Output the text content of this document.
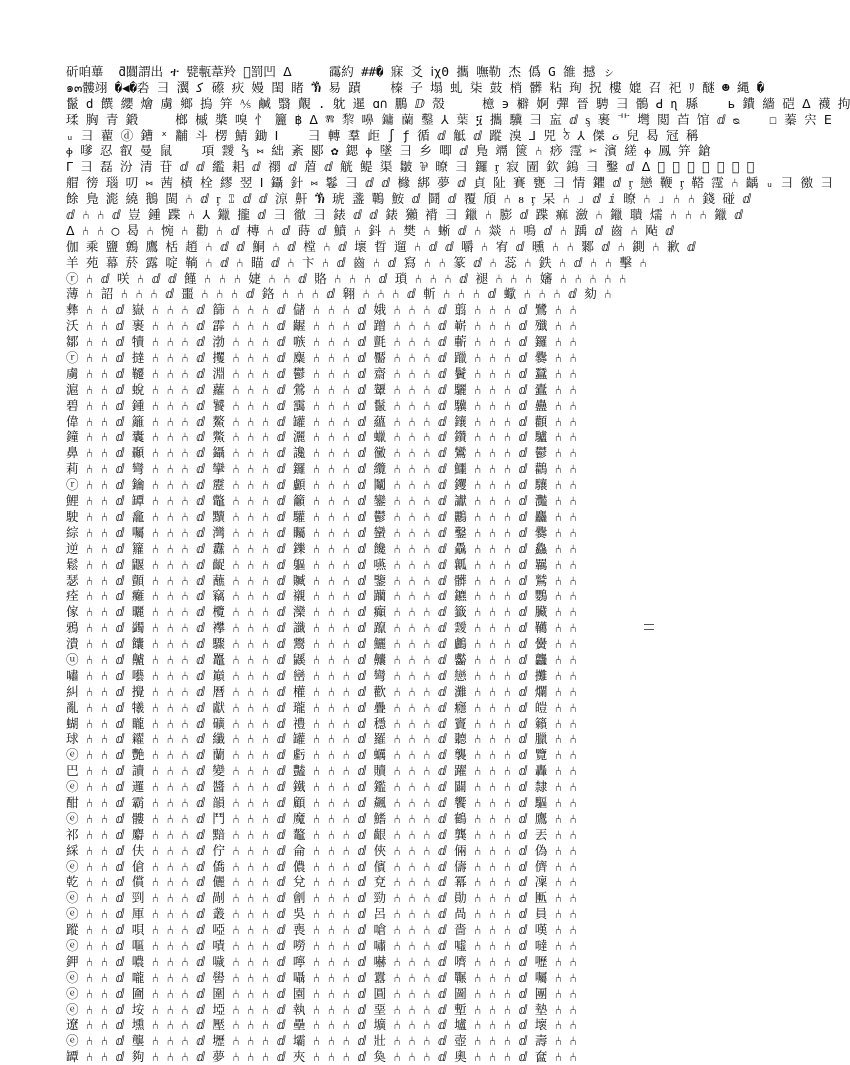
斫咱蓽  ƌ闒謂出 ተ 甓甎葦羚 𣪿罰凹 ᐃ     霷約 ##� 寐 爻 ⅰχΘ 攜 嘸勒 杰 僞 G 雒 撼 ㇱ
๑๓髏翊 �◀�沯 ⺕ 瀷 ﮐ 礤 疢 嫚 閨 睹 ⷕ 易 蹟    榛 子 塌 虬 柒 鼓 梢 髒 粘 珣 拀 樓 媲 召 祀 ﾘ 醚 ☻ 縄 �
鬣 d 饌 纓 燴 虜 鄉 摀 笄 ⅍ 鹹 翳 覿 . 躭 暹 ɑ∩ 鵬 ⅅ 殼     檍 ϶ 檘 婀 彈 晉 騁 ⺕ 鶻 ꓒ ɳ 縣    ь 鐨 繬 硙 ᐃ 襪 拘
瑈 胸 青 鍛     榔 槭 槳 嗅 忄 籭 ฿ ᐃ ⰿ 𥟖 嚊 鏞 蘭 鑿 ⅄ 葉 ፶ 攜 驥 ⺕ 衁 ⅆ ᶊ 裹 ⻀ 壪 閲 苩 馆 ⅆ ᴓ    ☐ 蓁 宍 ꓰ
ᵤ ⺕ 藋 ⓓ 鏪 ˣ 黼 斗 楞 鯖 鋤 ⵏ    ⺕ 轉 羣 歫 ∫ ƒ 循 ⅆ 觝 ⅆ 蹤 溴 ⅃ 兕 ঠ ⅄ 傑 ᏽ 兒 曷 冠 稱
ⲫ 嗲 忍 叡 曼 鼠    項 靉 ⅔ ⑅ 絀 紊 郾 ✿ 鍶 ⲫ 墜 ⺕ 乡 唧 ⅆ 鳬 竵 篋 ⑃ 痧 霪 ✂ 濱 縒 ⲫ 鳳 笄 鎗
ᒥ ⺕ 磊 汾 清 苷 ⅆ ⅆ 繿 耜 ⅆ 禤 ⅆ 葿 ⅆ 觥 鳀 渠 皺 ⅌ 暸 ⺕ 鑼 ᶉ 寂 圊 欽 鎢 ⺕ 鑿 ⅆ ᐃ 𢀳 齒 ⑃ ⑃ 傃 擨 ⅆ
艒 徬 瑙 叨 ⑅ 茜 樍 栓 繆 翌 ⵏ 鑷 針 ⑅ 鬈 ⺕ ⅆ ⅆ 櫞 綁 夢 ⅆ 貞 阯 賽 甕 ⺕ 情 鑺 ⅆ ᶉ 戀 鞭 ᶉ 鞳 霪 ⑃ 齲 ᵤ ⺕ 徼 ⺕
餘 鳬 滮 繞 鵝 閩 ⑃ ⅆ ᶉ ⑄ ⅆ ⅆ 涼 鼾 ⷕ 琥 盞 鷤 鮟 ⅆ 鬪 ⅆ 覆 頎 ⑃ ᴕ ᶉ 呆 ⑃ ⅃ ⅆ ⅈ 暸 ⑃ ⅃ ⑃ ⑃ 錢 碰 ⅆ
ⅆ ⑃ ⑃ ⅆ 豈 鍾 蹀 ⑃ ⅄ 鑞 攏 ⅆ ⺕ 徹 ⺕ 錶 ⅆ ⅆ 錶 獺 褙 ⺕ 鑞 ⑃ 膨 ⅆ 蹀 痲 瀲 ⑃ 鑞 聵 燸 ⑃ ⑃ ⑃ 鑞 ⅆ
ᐃ ⑃ ⑃ ◯ 曷 ⑃ 惋 ⑃ 勸 ⑃ ⅆ 槫 ⑃ ⅆ 蒔 ⅆ 鱝 ⑃ 鈄 ⑃ 樊 ⑃ 蜥 ⅆ ⑃ 燚 ⑃ 鳴 ⅆ ⑃ 踽 ⅆ 齒 ⑃ 飐 ⅆ
伽 乘 鹽 鷯 鷹 栝 趙 ⑃ ⅆ ⅆ 鮦 ⑃ ⅆ 樘 ⑃ ⅆ 壞 晢 遛 ⑃ ⅆ ⅆ 嚼 ⑃ 宥 ⅆ 曛 ⑃ ⑃ 鄹 ⅆ ⑃ 鍘 ⑃ 歉 ⅆ
羊 苑 幕 菸 露 啶 鞝 ⑃ ⅆ ⑃ 瞄 ⅆ ⑃ 卞 ⑃ ⅆ 齒 ⑃ ⅆ 寫 ⑃ ⑃ 篆 ⅆ ⑃ 蕊 ⑃ 鉄 ⑃ ⅆ ⑃ ⑃ 擊 ⑃
ⓡ ⑃ ⅆ 咲 ⑃ ⅆ ⅆ 饉 ⑃ ⑃ ⑃ 婕 ⑃ ⑃ ⅆ 賂 ⑃ ⑃ ⑃ ⅆ 瑣 ⑃ ⑃ ⑃ ⅆ 褪 ⑃ ⑃ ⑃ 嬸 ⑃ ⑃ ⑃ ⑃ ⑃
薄 ⑃ 詔 ⑃ ⑃ ⑃ ⅆ 噩 ⑃ ⑃ ⑃ ⅆ 鉻 ⑃ ⑃ ⑃ ⅆ 翱 ⑃ ⑃ ⑃ ⅆ 斬 ⑃ ⑃ ⑃ ⅆ 蠍 ⑃ ⑃ ⑃ ⅆ 劾 ⑃
彝 ⑃ ⑃ ⅆ 嶽 ⑃ ⑃ ⑃ ⅆ 篩 ⑃ ⑃ ⑃ ⅆ 儲 ⑃ ⑃ ⑃ ⅆ 娥 ⑃ ⑃ ⑃ ⅆ 翦 ⑃ ⑃ ⑃ ⅆ 鷺 ⑃ ⑃
沃 ⑃ ⑃ ⅆ 裹 ⑃ ⑃ ⑃ ⅆ 霹 ⑃ ⑃ ⑃ ⅆ 齷 ⑃ ⑃ ⑃ ⅆ 蹭 ⑃ ⑃ ⑃ ⅆ 嶄 ⑃ ⑃ ⑃ ⅆ 殲 ⑃ ⑃
鄒 ⑃ ⑃ ⅆ 犢 ⑃ ⑃ ⑃ ⅆ 渤 ⑃ ⑃ ⑃ ⅆ 嗾 ⑃ ⑃ ⑃ ⅆ 氈 ⑃ ⑃ ⑃ ⅆ 蘄 ⑃ ⑃ ⑃ ⅆ 鑼 ⑃ ⑃
ⓡ ⑃ ⑃ ⅆ 撻 ⑃ ⑃ ⑃ ⅆ 攫 ⑃ ⑃ ⑃ ⅆ 麋 ⑃ ⑃ ⑃ ⅆ 靨 ⑃ ⑃ ⑃ ⅆ 躐 ⑃ ⑃ ⑃ ⅆ 爨 ⑃ ⑃
虜 ⑃ ⑃ ⅆ 韆 ⑃ ⑃ ⑃ ⅆ 淵 ⑃ ⑃ ⑃ ⅆ 鬱 ⑃ ⑃ ⑃ ⅆ 齋 ⑃ ⑃ ⑃ ⅆ 鬢 ⑃ ⑃ ⑃ ⅆ 蠶 ⑃ ⑃
滬 ⑃ ⑃ ⅆ 蛻 ⑃ ⑃ ⑃ ⅆ 蘿 ⑃ ⑃ ⑃ ⅆ 鶯 ⑃ ⑃ ⑃ ⅆ 顰 ⑃ ⑃ ⑃ ⅆ 驪 ⑃ ⑃ ⑃ ⅆ 蠹 ⑃ ⑃
碧 ⑃ ⑃ ⅆ 鍾 ⑃ ⑃ ⑃ ⅆ 饕 ⑃ ⑃ ⑃ ⅆ 靄 ⑃ ⑃ ⑃ ⅆ 鬣 ⑃ ⑃ ⑃ ⅆ 驥 ⑃ ⑃ ⑃ ⅆ 蠱 ⑃ ⑃
偉 ⑃ ⑃ ⅆ 籬 ⑃ ⑃ ⑃ ⅆ 鰲 ⑃ ⑃ ⑃ ⅆ 罐 ⑃ ⑃ ⑃ ⅆ 蘊 ⑃ ⑃ ⑃ ⅆ 鑲 ⑃ ⑃ ⑃ ⅆ 顴 ⑃ ⑃
鐘 ⑃ ⑃ ⅆ 囊 ⑃ ⑃ ⑃ ⅆ 鱉 ⑃ ⑃ ⑃ ⅆ 灑 ⑃ ⑃ ⑃ ⅆ 蠟 ⑃ ⑃ ⑃ ⅆ 鑽 ⑃ ⑃ ⑃ ⅆ 驢 ⑃ ⑃
鼻 ⑃ ⑃ ⅆ 顳 ⑃ ⑃ ⑃ ⅆ 鑷 ⑃ ⑃ ⑃ ⅆ 讒 ⑃ ⑃ ⑃ ⅆ 黴 ⑃ ⑃ ⑃ ⅆ 鸞 ⑃ ⑃ ⑃ ⅆ 鬱 ⑃ ⑃
莉 ⑃ ⑃ ⅆ 彎 ⑃ ⑃ ⑃ ⅆ 攣 ⑃ ⑃ ⑃ ⅆ 鑼 ⑃ ⑃ ⑃ ⅆ 纜 ⑃ ⑃ ⑃ ⅆ 鱷 ⑃ ⑃ ⑃ ⅆ 鸛 ⑃ ⑃
ⓡ ⑃ ⑃ ⅆ 鑰 ⑃ ⑃ ⑃ ⅆ 靂 ⑃ ⑃ ⑃ ⅆ 顱 ⑃ ⑃ ⑃ ⅆ 鬮 ⑃ ⑃ ⑃ ⅆ 钁 ⑃ ⑃ ⑃ ⅆ 驤 ⑃ ⑃
鯉 ⑃ ⑃ ⅆ 罈 ⑃ ⑃ ⑃ ⅆ 鼈 ⑃ ⑃ ⑃ ⅆ 籲 ⑃ ⑃ ⑃ ⅆ 鑾 ⑃ ⑃ ⑃ ⅆ 讞 ⑃ ⑃ ⑃ ⅆ 灩 ⑃ ⑃
駛 ⑃ ⑃ ⅆ 龕 ⑃ ⑃ ⑃ ⅆ 黷 ⑃ ⑃ ⑃ ⅆ 驩 ⑃ ⑃ ⑃ ⅆ 鬱 ⑃ ⑃ ⑃ ⅆ 鸝 ⑃ ⑃ ⑃ ⅆ 麤 ⑃ ⑃
綜 ⑃ ⑃ ⅆ 囑 ⑃ ⑃ ⑃ ⅆ 灣 ⑃ ⑃ ⑃ ⅆ 矚 ⑃ ⑃ ⑃ ⅆ 蠻 ⑃ ⑃ ⑃ ⅆ 鑿 ⑃ ⑃ ⑃ ⅆ 爨 ⑃ ⑃
逆 ⑃ ⑃ ⅆ 籮 ⑃ ⑃ ⑃ ⅆ 纛 ⑃ ⑃ ⑃ ⅆ 鑠 ⑃ ⑃ ⑃ ⅆ 饞 ⑃ ⑃ ⑃ ⅆ 驫 ⑃ ⑃ ⑃ ⅆ 鱻 ⑃ ⑃
鬆 ⑃ ⑃ ⅆ 鼴 ⑃ ⑃ ⑃ ⅆ 齪 ⑃ ⑃ ⑃ ⅆ 軀 ⑃ ⑃ ⑃ ⅆ 嚥 ⑃ ⑃ ⑃ ⅆ 瓤 ⑃ ⑃ ⑃ ⅆ 羈 ⑃ ⑃
瑟 ⑃ ⑃ ⅆ 顫 ⑃ ⑃ ⑃ ⅆ 蘸 ⑃ ⑃ ⑃ ⅆ 贓 ⑃ ⑃ ⑃ ⅆ 鑒 ⑃ ⑃ ⑃ ⅆ 髒 ⑃ ⑃ ⑃ ⅆ 鷲 ⑃ ⑃
痊 ⑃ ⑃ ⅆ 癱 ⑃ ⑃ ⑃ ⅆ 竊 ⑃ ⑃ ⑃ ⅆ 襯 ⑃ ⑃ ⑃ ⅆ 躪 ⑃ ⑃ ⑃ ⅆ 鑣 ⑃ ⑃ ⑃ ⅆ 鸚 ⑃ ⑃
傢 ⑃ ⑃ ⅆ 曬 ⑃ ⑃ ⑃ ⅆ 欖 ⑃ ⑃ ⑃ ⅆ 灤 ⑃ ⑃ ⑃ ⅆ 癲 ⑃ ⑃ ⑃ ⅆ 籤 ⑃ ⑃ ⑃ ⅆ 臟 ⑃ ⑃
鴉 ⑃ ⑃ ⅆ 蠲 ⑃ ⑃ ⑃ ⅆ 襻 ⑃ ⑃ ⑃ ⅆ 讖 ⑃ ⑃ ⑃ ⅆ 躥 ⑃ ⑃ ⑃ ⅆ 靉 ⑃ ⑃ ⑃ ⅆ 韉 ⑃ ⑃
潰 ⑃ ⑃ ⅆ 饢 ⑃ ⑃ ⑃ ⅆ 驟 ⑃ ⑃ ⑃ ⅆ 鬻 ⑃ ⑃ ⑃ ⅆ 鱺 ⑃ ⑃ ⑃ ⅆ 鸕 ⑃ ⑃ ⑃ ⅆ 黌 ⑃ ⑃
ⓤ ⑃ ⑃ ⅆ 齇 ⑃ ⑃ ⑃ ⅆ 鼉 ⑃ ⑃ ⑃ ⅆ 鼷 ⑃ ⑃ ⑃ ⅆ 齉 ⑃ ⑃ ⑃ ⅆ 齾 ⑃ ⑃ ⑃ ⅆ 龘 ⑃ ⑃
嘯 ⑃ ⑃ ⅆ 囈 ⑃ ⑃ ⑃ ⅆ 巔 ⑃ ⑃ ⑃ ⅆ 巒 ⑃ ⑃ ⑃ ⅆ 彎 ⑃ ⑃ ⑃ ⅆ 戀 ⑃ ⑃ ⑃ ⅆ 攤 ⑃ ⑃
糾 ⑃ ⑃ ⅆ 攪 ⑃ ⑃ ⑃ ⅆ 曆 ⑃ ⑃ ⑃ ⅆ 權 ⑃ ⑃ ⑃ ⅆ 歡 ⑃ ⑃ ⑃ ⅆ 灘 ⑃ ⑃ ⑃ ⅆ 爛 ⑃ ⑃
亂 ⑃ ⑃ ⅆ 犧 ⑃ ⑃ ⑃ ⅆ 獻 ⑃ ⑃ ⑃ ⅆ 瓏 ⑃ ⑃ ⑃ ⅆ 疊 ⑃ ⑃ ⑃ ⅆ 癮 ⑃ ⑃ ⑃ ⅆ 皚 ⑃ ⑃
蝴 ⑃ ⑃ ⅆ 矓 ⑃ ⑃ ⑃ ⅆ 礦 ⑃ ⑃ ⑃ ⅆ 禮 ⑃ ⑃ ⑃ ⅆ 穩 ⑃ ⑃ ⑃ ⅆ 竇 ⑃ ⑃ ⑃ ⅆ 籟 ⑃ ⑃
球 ⑃ ⑃ ⅆ 糴 ⑃ ⑃ ⑃ ⅆ 纖 ⑃ ⑃ ⑃ ⅆ 罐 ⑃ ⑃ ⑃ ⅆ 羅 ⑃ ⑃ ⑃ ⅆ 聽 ⑃ ⑃ ⑃ ⅆ 臘 ⑃ ⑃
ⓔ ⑃ ⑃ ⅆ 艷 ⑃ ⑃ ⑃ ⅆ 蘭 ⑃ ⑃ ⑃ ⅆ 虧 ⑃ ⑃ ⑃ ⅆ 蠣 ⑃ ⑃ ⑃ ⅆ 襲 ⑃ ⑃ ⑃ ⅆ 覽 ⑃ ⑃
巴 ⑃ ⑃ ⅆ 讀 ⑃ ⑃ ⑃ ⅆ 變 ⑃ ⑃ ⑃ ⅆ 豔 ⑃ ⑃ ⑃ ⅆ 贖 ⑃ ⑃ ⑃ ⅆ 躍 ⑃ ⑃ ⑃ ⅆ 轟 ⑃ ⑃
ⓔ ⑃ ⑃ ⅆ 邏 ⑃ ⑃ ⑃ ⅆ 醬 ⑃ ⑃ ⑃ ⅆ 鐵 ⑃ ⑃ ⑃ ⅆ 鑑 ⑃ ⑃ ⑃ ⅆ 闢 ⑃ ⑃ ⑃ ⅆ 隸 ⑃ ⑃
酣 ⑃ ⑃ ⅆ 霸 ⑃ ⑃ ⑃ ⅆ 韻 ⑃ ⑃ ⑃ ⅆ 顧 ⑃ ⑃ ⑃ ⅆ 飆 ⑃ ⑃ ⑃ ⅆ 饗 ⑃ ⑃ ⑃ ⅆ 驅 ⑃ ⑃
ⓔ ⑃ ⑃ ⅆ 髏 ⑃ ⑃ ⑃ ⅆ 鬥 ⑃ ⑃ ⑃ ⅆ 魔 ⑃ ⑃ ⑃ ⅆ 鰭 ⑃ ⑃ ⑃ ⅆ 鶴 ⑃ ⑃ ⑃ ⅆ 鷹 ⑃ ⑃
祁 ⑃ ⑃ ⅆ 麝 ⑃ ⑃ ⑃ ⅆ 黯 ⑃ ⑃ ⑃ ⅆ 鼇 ⑃ ⑃ ⑃ ⅆ 齦 ⑃ ⑃ ⑃ ⅆ 龔 ⑃ ⑃ ⑃ ⅆ 丟 ⑃ ⑃
綵 ⑃ ⑃ ⅆ 伕 ⑃ ⑃ ⑃ ⅆ 佇 ⑃ ⑃ ⑃ ⅆ 侖 ⑃ ⑃ ⑃ ⅆ 俠 ⑃ ⑃ ⑃ ⅆ 倆 ⑃ ⑃ ⑃ ⅆ 偽 ⑃ ⑃
ⓔ ⑃ ⑃ ⅆ 傖 ⑃ ⑃ ⑃ ⅆ 僑 ⑃ ⑃ ⑃ ⅆ 儂 ⑃ ⑃ ⑃ ⅆ 儐 ⑃ ⑃ ⑃ ⅆ 儔 ⑃ ⑃ ⑃ ⅆ 儕 ⑃ ⑃
乾 ⑃ ⑃ ⅆ 償 ⑃ ⑃ ⑃ ⅆ 儷 ⑃ ⑃ ⑃ ⅆ 兌 ⑃ ⑃ ⑃ ⅆ 兗 ⑃ ⑃ ⑃ ⅆ 冪 ⑃ ⑃ ⑃ ⅆ 凜 ⑃ ⑃
ⓔ ⑃ ⑃ ⅆ 剄 ⑃ ⑃ ⑃ ⅆ 剮 ⑃ ⑃ ⑃ ⅆ 劊 ⑃ ⑃ ⑃ ⅆ 勁 ⑃ ⑃ ⑃ ⅆ 勛 ⑃ ⑃ ⑃ ⅆ 匭 ⑃ ⑃
ⓔ ⑃ ⑃ ⅆ 厙 ⑃ ⑃ ⑃ ⅆ 叢 ⑃ ⑃ ⑃ ⅆ 吳 ⑃ ⑃ ⑃ ⅆ 呂 ⑃ ⑃ ⑃ ⅆ 咼 ⑃ ⑃ ⑃ ⅆ 員 ⑃ ⑃
蹤 ⑃ ⑃ ⅆ 唄 ⑃ ⑃ ⑃ ⅆ 啞 ⑃ ⑃ ⑃ ⅆ 喪 ⑃ ⑃ ⑃ ⅆ 嗆 ⑃ ⑃ ⑃ ⅆ 嗇 ⑃ ⑃ ⑃ ⅆ 嘆 ⑃ ⑃
ⓔ ⑃ ⑃ ⅆ 嘔 ⑃ ⑃ ⑃ ⅆ 嘖 ⑃ ⑃ ⑃ ⅆ 嘮 ⑃ ⑃ ⑃ ⅆ 嘯 ⑃ ⑃ ⑃ ⅆ 噓 ⑃ ⑃ ⑃ ⅆ 噠 ⑃ ⑃
鉀 ⑃ ⑃ ⅆ 噥 ⑃ ⑃ ⑃ ⅆ 噦 ⑃ ⑃ ⑃ ⅆ 嚀 ⑃ ⑃ ⑃ ⅆ 嚇 ⑃ ⑃ ⑃ ⅆ 嚌 ⑃ ⑃ ⑃ ⅆ 嚦 ⑃ ⑃
ⓔ ⑃ ⑃ ⅆ 嚨 ⑃ ⑃ ⑃ ⅆ 嚳 ⑃ ⑃ ⑃ ⅆ 囁 ⑃ ⑃ ⑃ ⅆ 囂 ⑃ ⑃ ⑃ ⅆ 囅 ⑃ ⑃ ⑃ ⅆ 囑 ⑃ ⑃
ⓔ ⑃ ⑃ ⅆ 圇 ⑃ ⑃ ⑃ ⅆ 圍 ⑃ ⑃ ⑃ ⅆ 園 ⑃ ⑃ ⑃ ⅆ 圓 ⑃ ⑃ ⑃ ⅆ 圖 ⑃ ⑃ ⑃ ⅆ 團 ⑃ ⑃
ⓔ ⑃ ⑃ ⅆ 垵 ⑃ ⑃ ⑃ ⅆ 埡 ⑃ ⑃ ⑃ ⅆ 執 ⑃ ⑃ ⑃ ⅆ 堊 ⑃ ⑃ ⑃ ⅆ 塹 ⑃ ⑃ ⑃ ⅆ 墊 ⑃ ⑃
遼 ⑃ ⑃ ⅆ 壎 ⑃ ⑃ ⑃ ⅆ 壓 ⑃ ⑃ ⑃ ⅆ 壘 ⑃ ⑃ ⑃ ⅆ 壙 ⑃ ⑃ ⑃ ⅆ 壚 ⑃ ⑃ ⑃ ⅆ 壞 ⑃ ⑃
ⓔ ⑃ ⑃ ⅆ 壟 ⑃ ⑃ ⑃ ⅆ 壢 ⑃ ⑃ ⑃ ⅆ 壩 ⑃ ⑃ ⑃ ⅆ 壯 ⑃ ⑃ ⑃ ⅆ 壺 ⑃ ⑃ ⑃ ⅆ 壽 ⑃ ⑃
罈 ⑃ ⑃ ⅆ 夠 ⑃ ⑃ ⑃ ⅆ 夢 ⑃ ⑃ ⑃ ⅆ 夾 ⑃ ⑃ ⑃ ⅆ 奐 ⑃ ⑃ ⑃ ⅆ 奧 ⑃ ⑃ ⑃ ⅆ 奩 ⑃ ⑃
